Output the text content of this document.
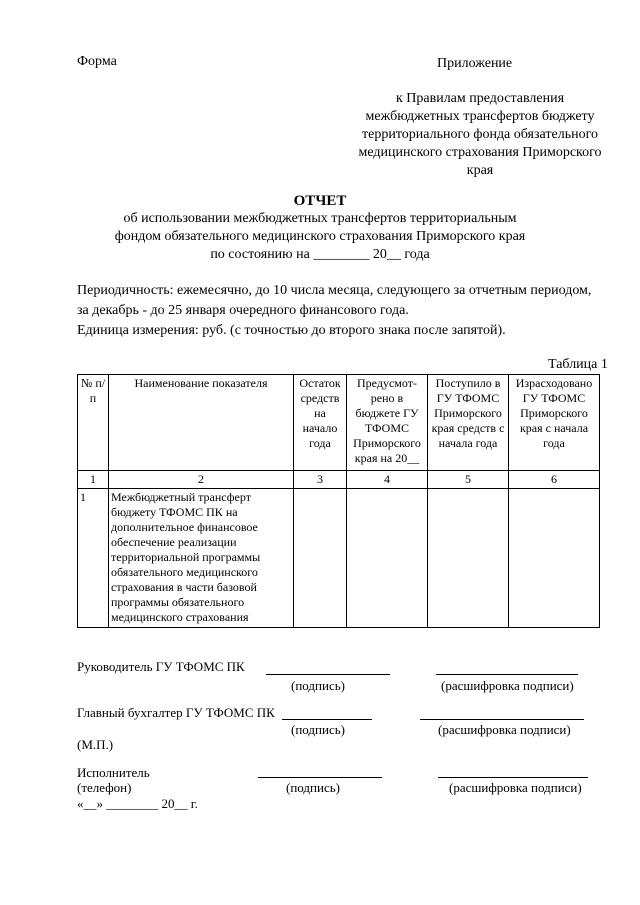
Форма	Приложение
к Правилам предоставления
межбюджетных трансфертов бюджету
территориального фонда обязательного
медицинского страхования Приморского
края
ОТЧЕТ
об использовании межбюджетных трансфертов территориальным
фондом обязательного медицинского страхования Приморского края
по состоянию на ________ 20__ года
Периодичность: ежемесячно, до 10 числа месяца, следующего за отчетным периодом,
за декабрь - до 25 января очередного финансового года.
Единица измерения: руб. (с точностью до второго знака после запятой).
Таблица 1
№ п/п	Наименование показателя	Остаток средств на начало года	Предусмот-рено в бюджете ГУ ТФОМС Приморского края на 20__	Поступило в ГУ ТФОМС Приморского края средств с начала года	Израсходовано ГУ ТФОМС Приморского края с начала года
1	2	3	4	5	6
1	Межбюджетный трансферт бюджету ТФОМС ПК на дополнительное финансовое обеспечение реализации территориальной программы обязательного медицинского страхования в части базовой программы обязательного медицинского страхования				
Руководитель ГУ ТФОМС ПК
(подпись)	(расшифровка подписи)
Главный бухгалтер ГУ ТФОМС ПК
(подпись)	(расшифровка подписи)
(М.П.)
Исполнитель
(телефон)	(подпись)	(расшифровка подписи)
«__» ________ 20__ г.
